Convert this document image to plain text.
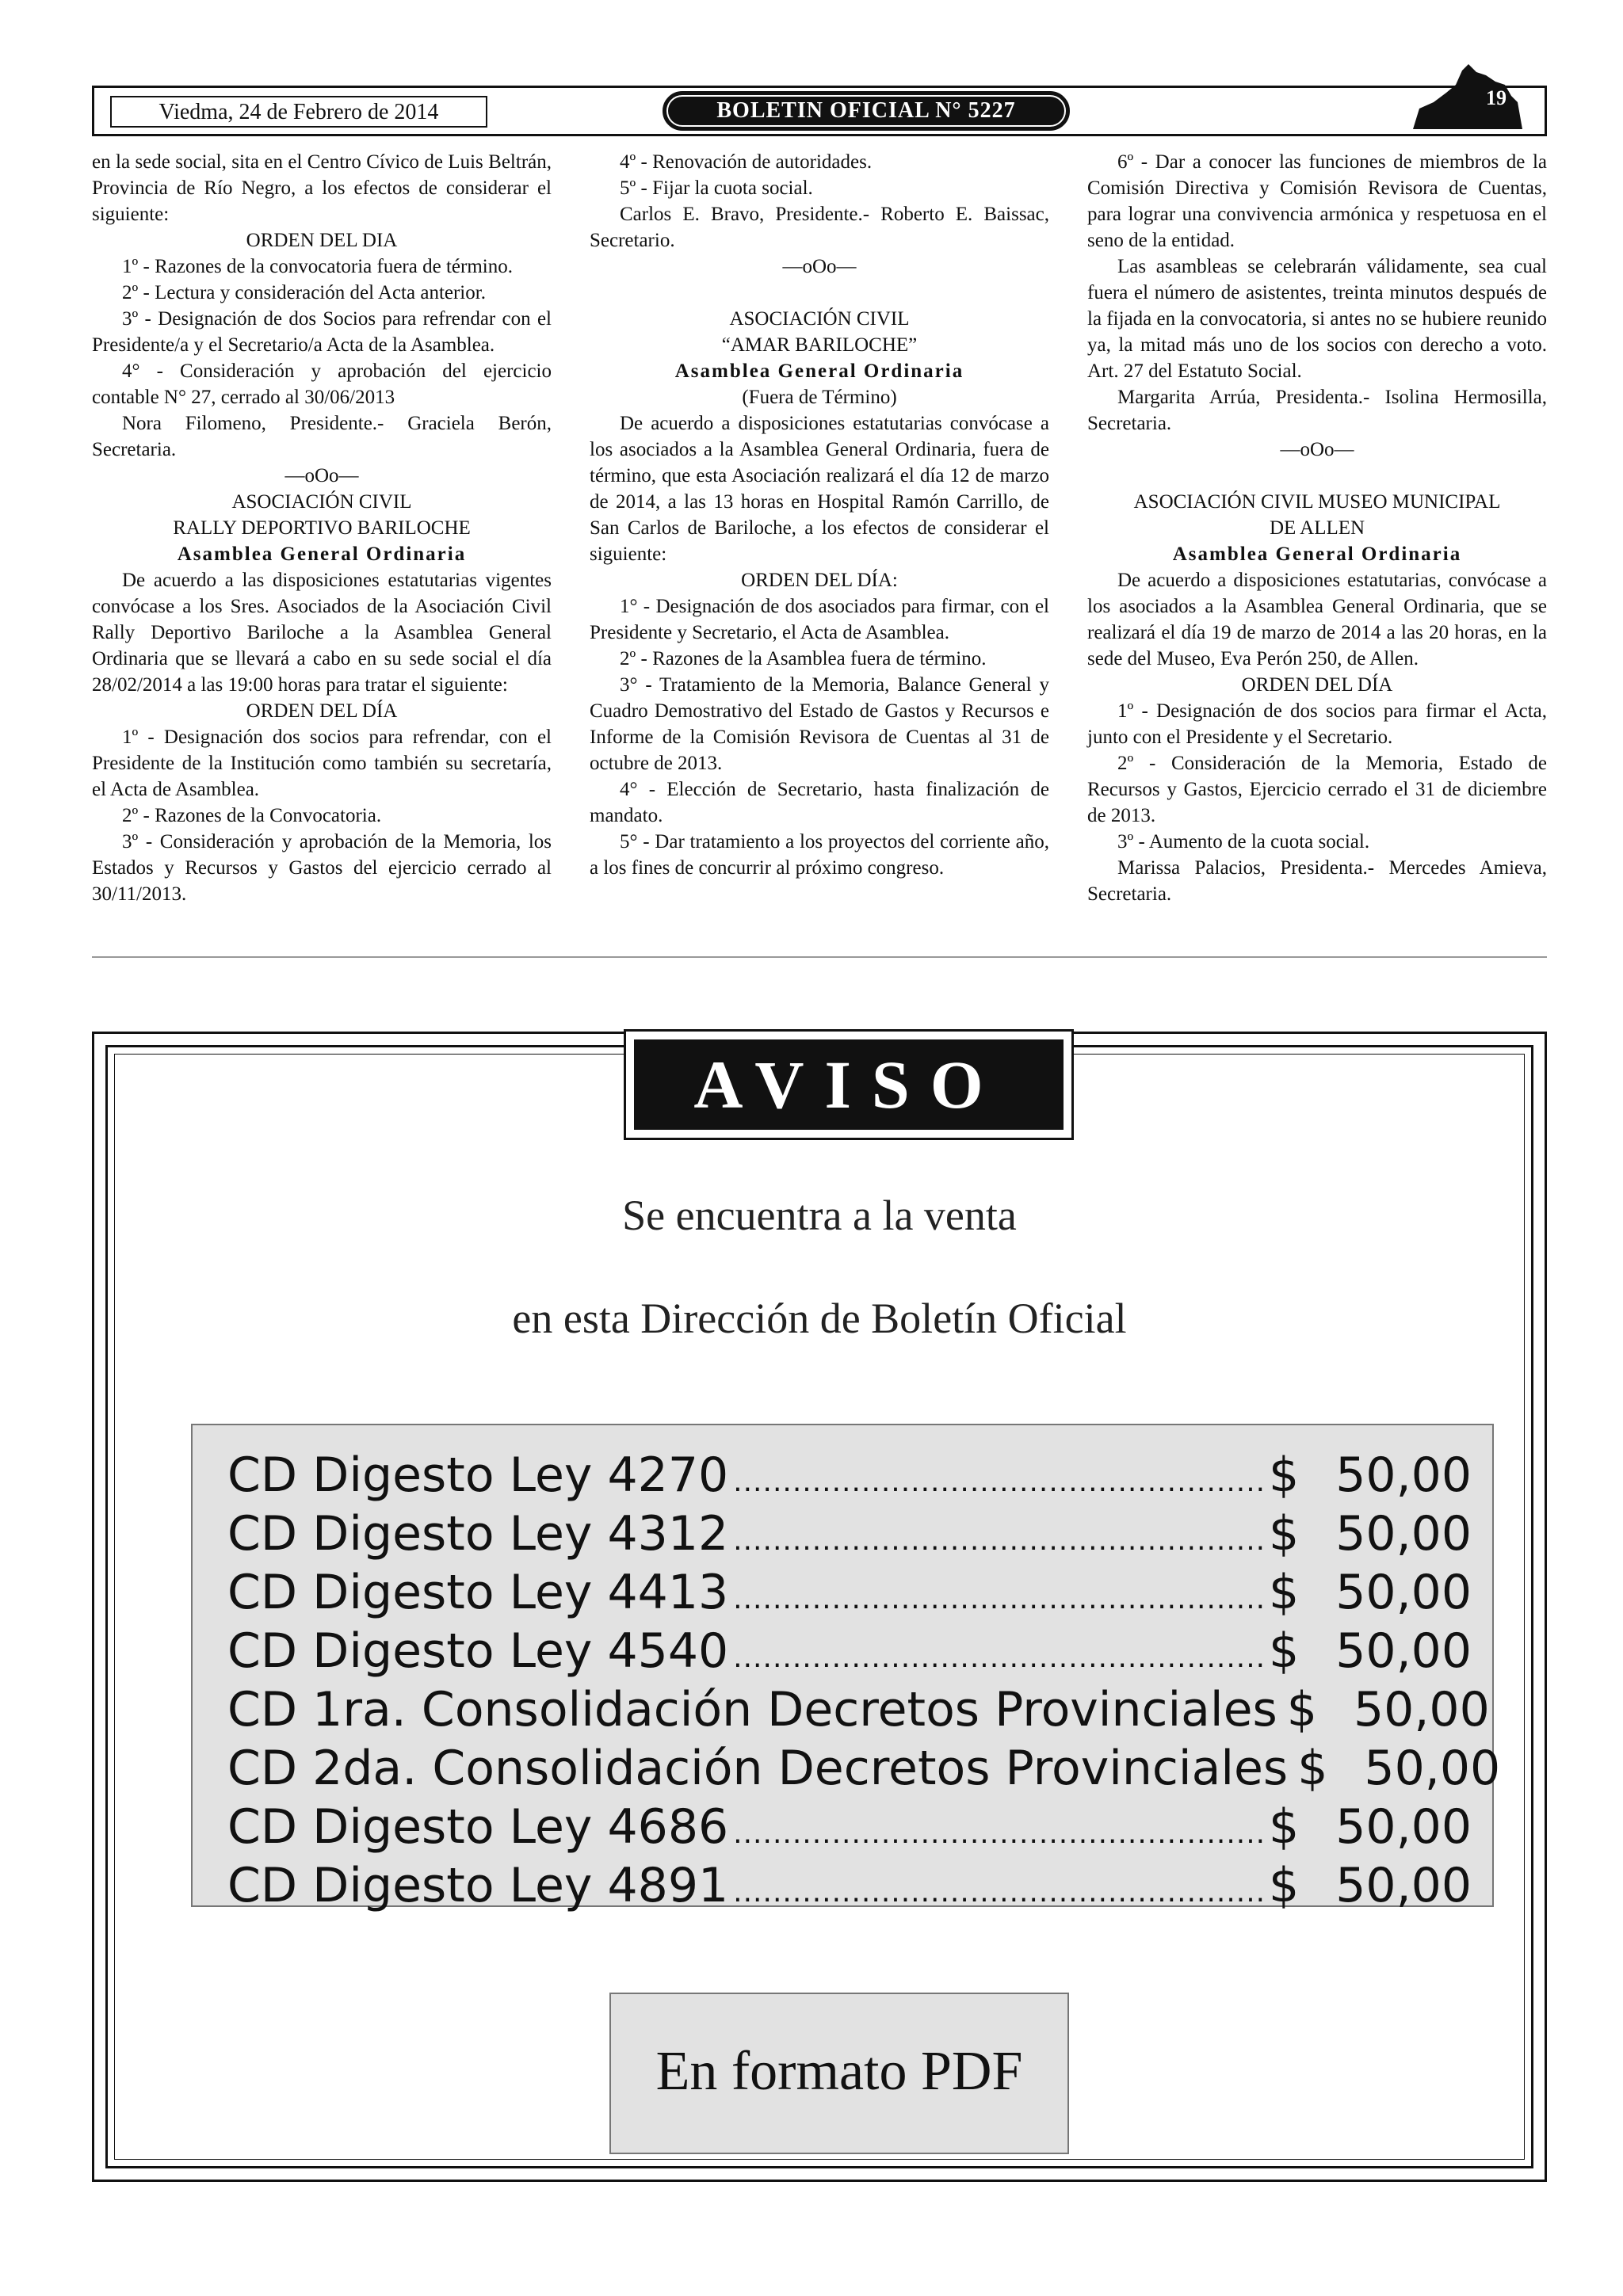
Viedma, 24 de Febrero de 2014	BOLETIN OFICIAL N° 5227
19

en la sede social, sita en el Centro Cívico de Luis Beltrán, Provincia de Río Negro, a los efectos de considerar el siguiente:

ORDEN DEL DIA

1º - Razones de la convocatoria fuera de término.

2º - Lectura y consideración del Acta anterior.

3º - Designación de dos Socios para refrendar con el Presidente/a y el Secretario/a Acta de la Asamblea.

4° - Consideración y aprobación del ejercicio contable N° 27, cerrado al 30/06/2013

Nora Filomeno, Presidente.- Graciela Berón, Secretaria.

—oOo—

ASOCIACIÓN CIVIL

RALLY DEPORTIVO BARILOCHE

Asamblea General Ordinaria

De acuerdo a las disposiciones estatutarias vigentes convócase a los Sres. Asociados de la Asociación Civil Rally Deportivo Bariloche a la Asamblea General Ordinaria que se llevará a cabo en su sede social el día 28/02/2014 a las 19:00 horas para tratar el siguiente:

ORDEN DEL DÍA

1º - Designación dos socios para refrendar, con el Presidente de la Institución como también su secretaría, el Acta de Asamblea.

2º - Razones de la Convocatoria.

3º - Consideración y aprobación de la Memoria, los Estados y Recursos y Gastos del ejercicio cerrado al 30/11/2013.

4º - Renovación de autoridades.

5º - Fijar la cuota social.

Carlos E. Bravo, Presidente.- Roberto E. Baissac, Secretario.

—oOo—

ASOCIACIÓN CIVIL

“AMAR BARILOCHE”

Asamblea General Ordinaria

(Fuera de Término)

De acuerdo a disposiciones estatutarias convócase a los asociados a la Asamblea General Ordinaria, fuera de término, que esta Asociación realizará el día 12 de marzo de 2014, a las 13 horas en Hospital Ramón Carrillo, de San Carlos de Bariloche, a los efectos de considerar el siguiente:

ORDEN DEL DÍA:

1° - Designación de dos asociados para firmar, con el Presidente y Secretario, el Acta de Asamblea.

2º - Razones de la Asamblea fuera de término.

3° - Tratamiento de la Memoria, Balance General y Cuadro Demostrativo del Estado de Gastos y Recursos e Informe de la Comisión Revisora de Cuentas al 31 de octubre de 2013.

4° - Elección de Secretario, hasta finalización de mandato.

5° - Dar tratamiento a los proyectos del corriente año, a los fines de concurrir al próximo congreso.

6º - Dar a conocer las funciones de miembros de la Comisión Directiva y Comisión Revisora de Cuentas, para lograr una convivencia armónica y respetuosa en el seno de la entidad.

Las asambleas se celebrarán válidamente, sea cual fuera el número de asistentes, treinta minutos después de la fijada en la convocatoria, si antes no se hubiere reunido ya, la mitad más uno de los socios con derecho a voto. Art. 27 del Estatuto Social.

Margarita Arrúa, Presidenta.- Isolina Hermosilla, Secretaria.

—oOo—

ASOCIACIÓN CIVIL MUSEO MUNICIPAL

DE ALLEN

Asamblea General Ordinaria

De acuerdo a disposiciones estatutarias, convócase a los asociados a la Asamblea General Ordinaria, que se realizará el día 19 de marzo de 2014 a las 20 horas, en la sede del Museo, Eva Perón 250, de Allen.

ORDEN DEL DÍA

1º - Designación de dos socios para firmar el Acta, junto con el Presidente y el Secretario.

2º - Consideración de la Memoria, Estado de Recursos y Gastos, Ejercicio cerrado el 31 de diciembre de 2013.

3º - Aumento de la cuota social.

Marissa Palacios, Presidenta.- Mercedes Amieva, Secretaria.

AVISO
Se encuentra a la venta
en esta Dirección de Boletín Oficial
CD Digesto Ley 4270 .....	$ 50,00
CD Digesto Ley 4312 .....	$ 50,00
CD Digesto Ley 4413 .....	$ 50,00
CD Digesto Ley 4540 .....	$ 50,00
CD 1ra. Consolidación Decretos Provinciales $ 50,00
CD 2da. Consolidación Decretos Provinciales $ 50,00
CD Digesto Ley 4686 .....	$ 50,00
CD Digesto Ley 4891 .....	$ 50,00
En formato PDF
